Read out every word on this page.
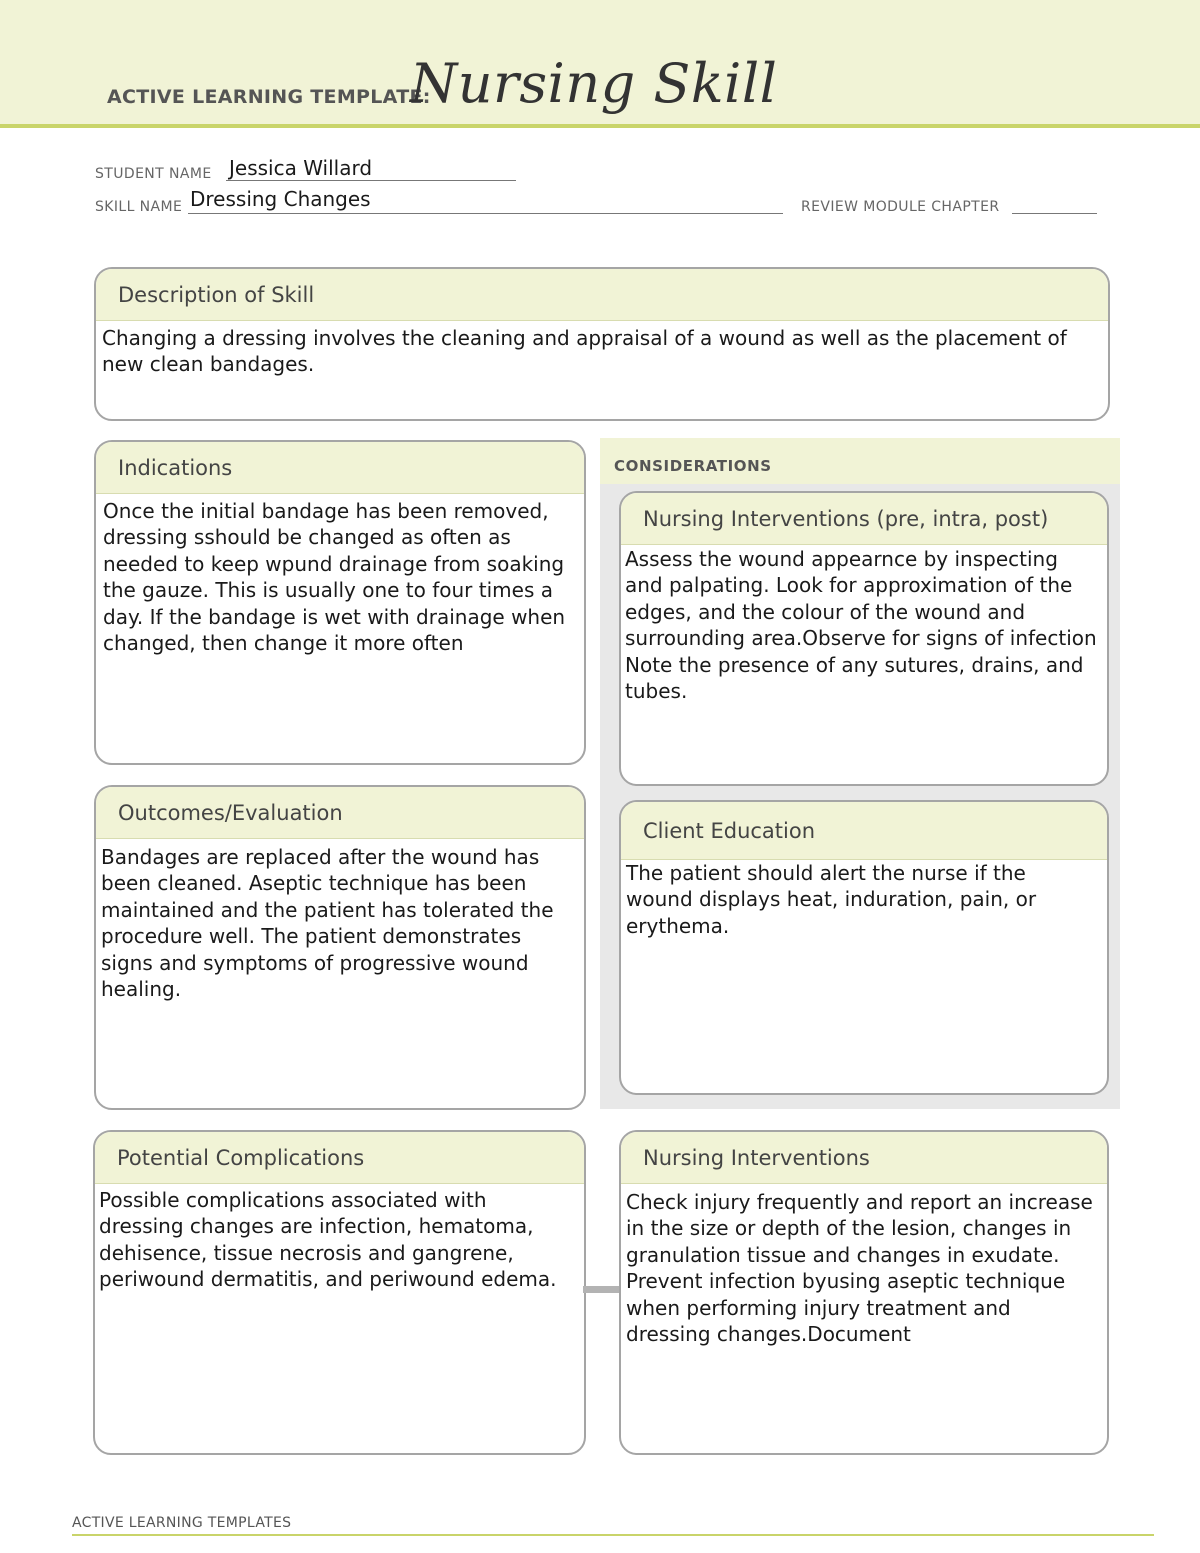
ACTIVE LEARNING TEMPLATE:
Nursing Skill
STUDENT NAME Jessica Willard
SKILL NAME Dressing Changes	REVIEW MODULE CHAPTER
Description of Skill
Changing a dressing involves the cleaning and appraisal of a wound as well as the placement of new clean bandages.
Indications
Once the initial bandage has been removed, dressing sshould be changed as often as needed to keep wpund drainage from soaking the gauze. This is usually one to four times a day. If the bandage is wet with drainage when changed, then change it more often
CONSIDERATIONS
Nursing Interventions (pre, intra, post)
Assess the wound appearnce by inspecting and palpating. Look for approximation of the edges, and the colour of the wound and surrounding area.Observe for signs of infection Note the presence of any sutures, drains, and tubes.
Outcomes/Evaluation
Bandages are replaced after the wound has been cleaned. Aseptic technique has been maintained and the patient has tolerated the procedure well. The patient demonstrates signs and symptoms of progressive wound healing.
Client Education
The patient should alert the nurse if the wound displays heat, induration, pain, or erythema.
Potential Complications
Possible complications associated with dressing changes are infection, hematoma, dehisence, tissue necrosis and gangrene, periwound dermatitis, and periwound edema.
Nursing Interventions
Check injury frequently and report an increase in the size or depth of the lesion, changes in granulation tissue and changes in exudate. Prevent infection byusing aseptic technique when performing injury treatment and dressing changes.Document
ACTIVE LEARNING TEMPLATES
